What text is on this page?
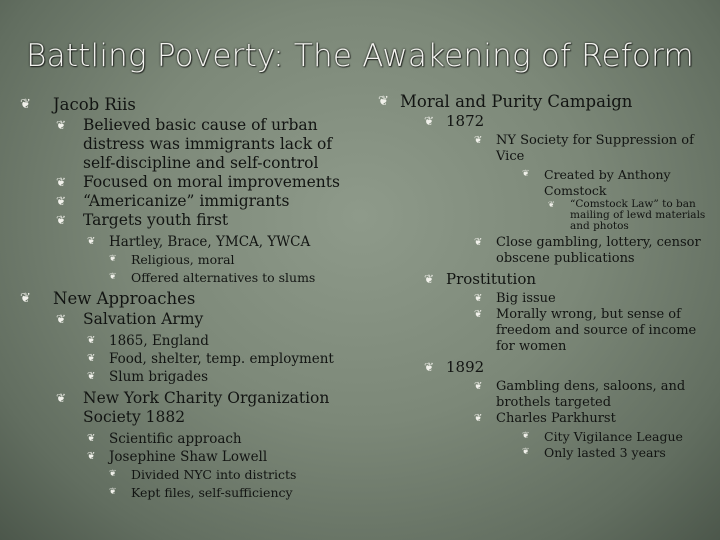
Battling Poverty: The Awakening of Reform
❦ Jacob Riis
❦ Believed basic cause of urban distress was immigrants lack of self-discipline and self-control
❦ Focused on moral improvements
❦ “Americanize” immigrants
❦ Targets youth first
❦ Hartley, Brace, YMCA, YWCA
❦ Religious, moral
❦ Offered alternatives to slums
❦ New Approaches
❦ Salvation Army
❦ 1865, England
❦ Food, shelter, temp. employment
❦ Slum brigades
❦ New York Charity Organization Society 1882
❦ Scientific approach
❦ Josephine Shaw Lowell
❦ Divided NYC into districts
❦ Kept files, self-sufficiency
❦ Moral and Purity Campaign
❦ 1872
❦ NY Society for Suppression of Vice
❦ Created by Anthony Comstock
❦ “Comstock Law” to ban mailing of lewd materials and photos
❦ Close gambling, lottery, censor obscene publications
❦ Prostitution
❦ Big issue
❦ Morally wrong, but sense of freedom and source of income for women
❦ 1892
❦ Gambling dens, saloons, and brothels targeted
❦ Charles Parkhurst
❦ City Vigilance League
❦ Only lasted 3 years
